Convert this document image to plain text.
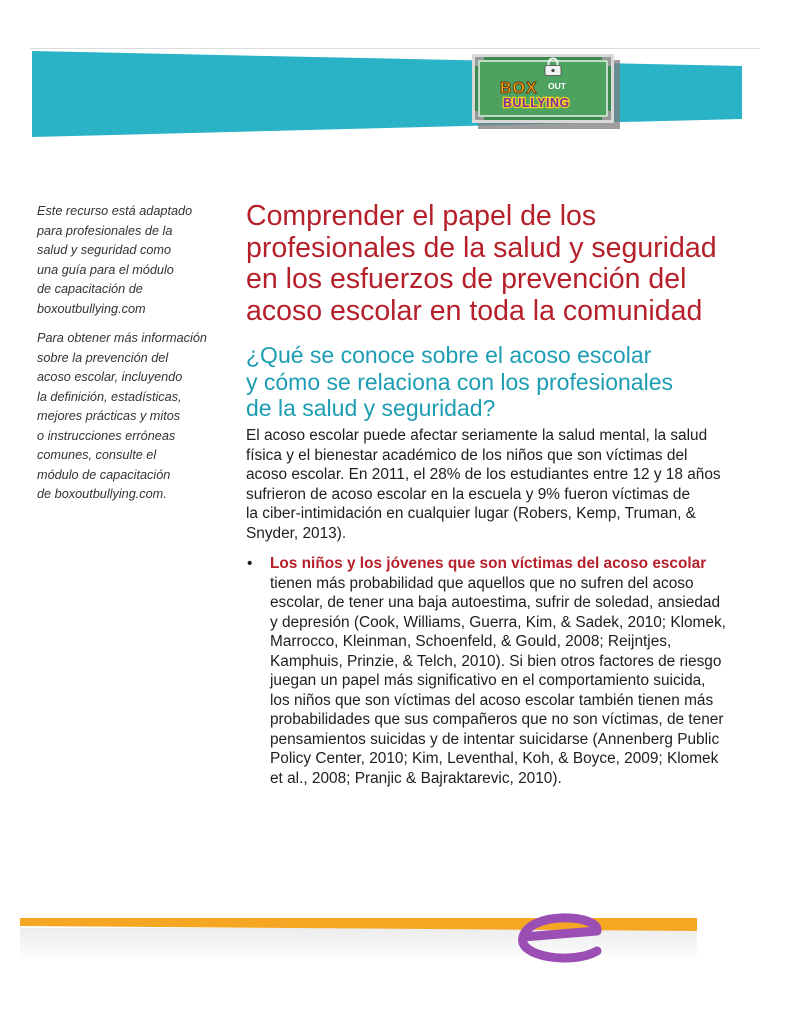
BOX OUT
BULLYING
Este recurso está adaptado
para profesionales de la
salud y seguridad como
una guía para el módulo
de capacitación de
boxoutbullying.com
Para obtener más información
sobre la prevención del
acoso escolar, incluyendo
la definición, estadísticas,
mejores prácticas y mitos
o instrucciones erróneas
comunes, consulte el
módulo de capacitación
de boxoutbullying.com.
Comprender el papel de los
profesionales de la salud y seguridad
en los esfuerzos de prevención del
acoso escolar en toda la comunidad
¿Qué se conoce sobre el acoso escolar
y cómo se relaciona con los profesionales
de la salud y seguridad?
El acoso escolar puede afectar seriamente la salud mental, la salud
física y el bienestar académico de los niños que son víctimas del
acoso escolar. En 2011, el 28% de los estudiantes entre 12 y 18 años
sufrieron de acoso escolar en la escuela y 9% fueron víctimas de
la ciber-intimidación en cualquier lugar (Robers, Kemp, Truman, &
Snyder, 2013).
• Los niños y los jóvenes que son víctimas del acoso escolar
tienen más probabilidad que aquellos que no sufren del acoso
escolar, de tener una baja autoestima, sufrir de soledad, ansiedad
y depresión (Cook, Williams, Guerra, Kim, & Sadek, 2010; Klomek,
Marrocco, Kleinman, Schoenfeld, & Gould, 2008; Reijntjes,
Kamphuis, Prinzie, & Telch, 2010). Si bien otros factores de riesgo
juegan un papel más significativo en el comportamiento suicida,
los niños que son víctimas del acoso escolar también tienen más
probabilidades que sus compañeros que no son víctimas, de tener
pensamientos suicidas y de intentar suicidarse (Annenberg Public
Policy Center, 2010; Kim, Leventhal, Koh, & Boyce, 2009; Klomek
et al., 2008; Pranjic & Bajraktarevic, 2010).
